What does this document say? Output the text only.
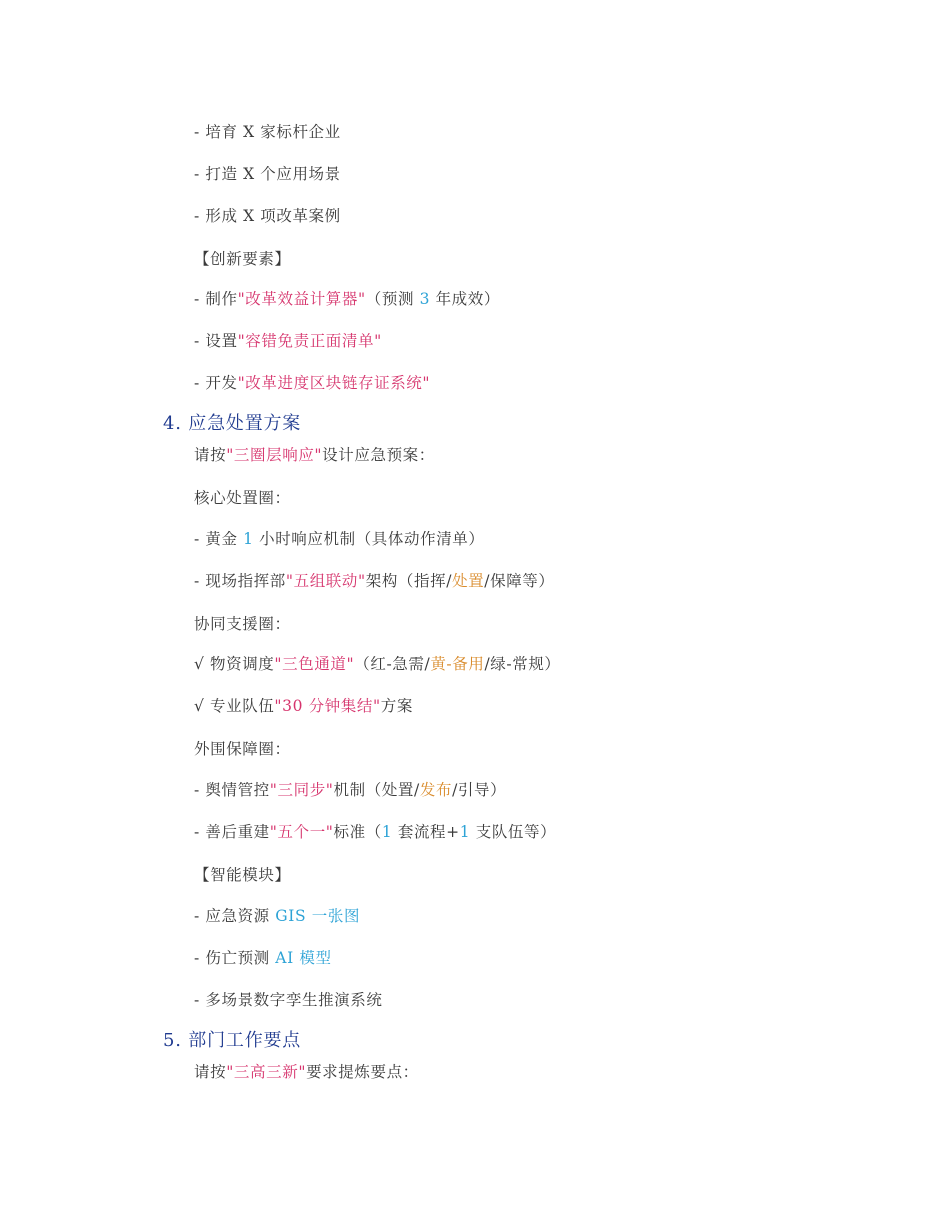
- 培育 X 家标杆企业
- 打造 X 个应用场景
- 形成 X 项改革案例
【创新要素】
- 制作"改革效益计算器"（预测 3 年成效）
- 设置"容错免责正面清单"
- 开发"改革进度区块链存证系统"
4. 应急处置方案
请按"三圈层响应"设计应急预案：
核心处置圈：
- 黄金 1 小时响应机制（具体动作清单）
- 现场指挥部"五组联动"架构（指挥/处置/保障等）
协同支援圈：
√ 物资调度"三色通道"（红-急需/黄-备用/绿-常规）
√ 专业队伍"30 分钟集结"方案
外围保障圈：
- 舆情管控"三同步"机制（处置/发布/引导）
- 善后重建"五个一"标准（1 套流程+1 支队伍等）
【智能模块】
- 应急资源 GIS 一张图
- 伤亡预测 AI 模型
- 多场景数字孪生推演系统
5. 部门工作要点
请按"三高三新"要求提炼要点：
